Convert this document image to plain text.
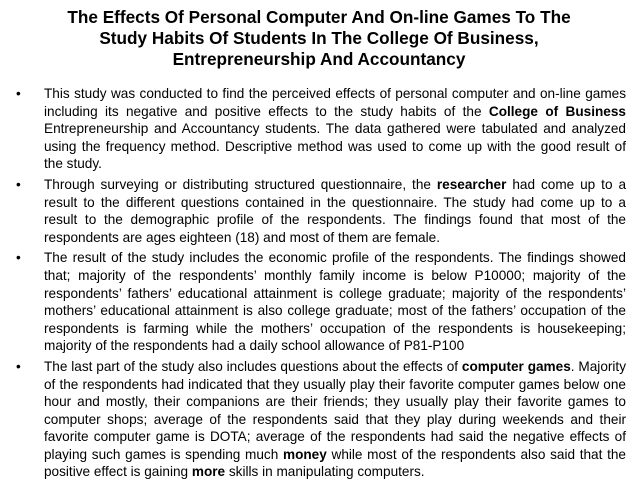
The Effects Of Personal Computer And On-line Games To The
Study Habits Of Students In The College Of Business,
Entrepreneurship And Accountancy
• This study was conducted to find the perceived effects of personal computer and on-line games including its negative and positive effects to the study habits of the College of Business Entrepreneurship and Accountancy students. The data gathered were tabulated and analyzed using the frequency method. Descriptive method was used to come up with the good result of the study.
• Through surveying or distributing structured questionnaire, the researcher had come up to a result to the different questions contained in the questionnaire. The study had come up to a result to the demographic profile of the respondents. The findings found that most of the respondents are ages eighteen (18) and most of them are female.
• The result of the study includes the economic profile of the respondents. The findings showed that; majority of the respondents’ monthly family income is below P10000; majority of the respondents’ fathers’ educational attainment is college graduate; majority of the respondents’ mothers’ educational attainment is also college graduate; most of the fathers’ occupation of the respondents is farming while the mothers’ occupation of the respondents is housekeeping; majority of the respondents had a daily school allowance of P81-P100
• The last part of the study also includes questions about the effects of computer games. Majority of the respondents had indicated that they usually play their favorite computer games below one hour and mostly, their companions are their friends; they usually play their favorite games to computer shops; average of the respondents said that they play during weekends and their favorite computer game is DOTA; average of the respondents had said the negative effects of playing such games is spending much money while most of the respondents also said that the positive effect is gaining more skills in manipulating computers.
